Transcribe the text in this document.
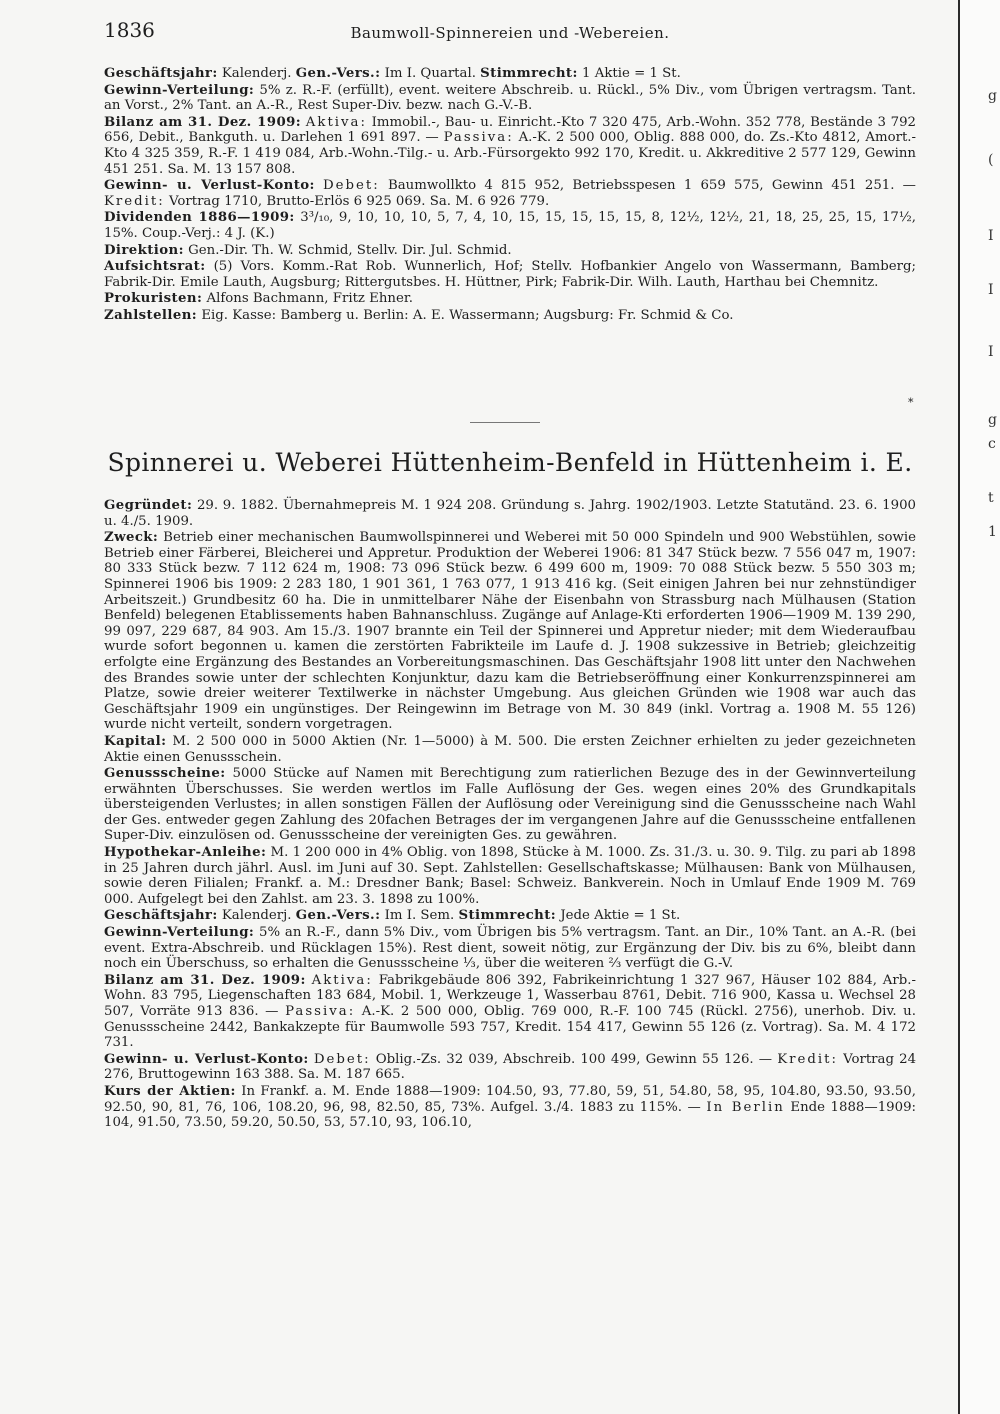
1836	Baumwoll-Spinnereien und -Webereien.

Geschäftsjahr: Kalenderj. Gen.-Vers.: Im I. Quartal. Stimmrecht: 1 Aktie = 1 St.

Gewinn-Verteilung: 5% z. R.-F. (erfüllt), event. weitere Abschreib. u. Rückl., 5% Div., vom Übrigen vertragsm. Tant. an Vorst., 2% Tant. an A.-R., Rest Super-Div. bezw. nach G.-V.-B.

Bilanz am 31. Dez. 1909: Aktiva: Immobil.-, Bau- u. Einricht.-Kto 7 320 475, Arb.-Wohn. 352 778, Bestände 3 792 656, Debit., Bankguth. u. Darlehen 1 691 897. — Passiva: A.-K. 2 500 000, Oblig. 888 000, do. Zs.-Kto 4812, Amort.-Kto 4 325 359, R.-F. 1 419 084, Arb.-Wohn.-Tilg.- u. Arb.-Fürsorgekto 992 170, Kredit. u. Akkreditive 2 577 129, Gewinn 451 251. Sa. M. 13 157 808.

Gewinn- u. Verlust-Konto: Debet: Baumwollkto 4 815 952, Betriebsspesen 1 659 575, Gewinn 451 251. — Kredit: Vortrag 1710, Brutto-Erlös 6 925 069. Sa. M. 6 926 779.

Dividenden 1886—1909: 3³/₁₀, 9, 10, 10, 10, 5, 7, 4, 10, 15, 15, 15, 15, 15, 8, 12½, 12½, 21, 18, 25, 25, 15, 17½, 15%. Coup.-Verj.: 4 J. (K.)

Direktion: Gen.-Dir. Th. W. Schmid, Stellv. Dir. Jul. Schmid.

Aufsichtsrat: (5) Vors. Komm.-Rat Rob. Wunnerlich, Hof; Stellv. Hofbankier Angelo von Wassermann, Bamberg; Fabrik-Dir. Emile Lauth, Augsburg; Rittergutsbes. H. Hüttner, Pirk; Fabrik-Dir. Wilh. Lauth, Harthau bei Chemnitz.

Prokuristen: Alfons Bachmann, Fritz Ehner.

Zahlstellen: Eig. Kasse: Bamberg u. Berlin: A. E. Wassermann; Augsburg: Fr. Schmid & Co.

*
Spinnerei u. Weberei Hüttenheim-Benfeld in Hüttenheim i. E.

Gegründet: 29. 9. 1882. Übernahmepreis M. 1 924 208. Gründung s. Jahrg. 1902/1903. Letzte Statutänd. 23. 6. 1900 u. 4./5. 1909.

Zweck: Betrieb einer mechanischen Baumwollspinnerei und Weberei mit 50 000 Spindeln und 900 Webstühlen, sowie Betrieb einer Färberei, Bleicherei und Appretur. Produktion der Weberei 1906: 81 347 Stück bezw. 7 556 047 m, 1907: 80 333 Stück bezw. 7 112 624 m, 1908: 73 096 Stück bezw. 6 499 600 m, 1909: 70 088 Stück bezw. 5 550 303 m; Spinnerei 1906 bis 1909: 2 283 180, 1 901 361, 1 763 077, 1 913 416 kg. (Seit einigen Jahren bei nur zehnstündiger Arbeitszeit.) Grundbesitz 60 ha. Die in unmittelbarer Nähe der Eisenbahn von Strassburg nach Mülhausen (Station Benfeld) belegenen Etablissements haben Bahnanschluss. Zugänge auf Anlage-Kti erforderten 1906—1909 M. 139 290, 99 097, 229 687, 84 903. Am 15./3. 1907 brannte ein Teil der Spinnerei und Appretur nieder; mit dem Wiederaufbau wurde sofort begonnen u. kamen die zerstörten Fabrikteile im Laufe d. J. 1908 sukzessive in Betrieb; gleichzeitig erfolgte eine Ergänzung des Bestandes an Vorbereitungsmaschinen. Das Geschäftsjahr 1908 litt unter den Nachwehen des Brandes sowie unter der schlechten Konjunktur, dazu kam die Betriebseröffnung einer Konkurrenzspinnerei am Platze, sowie dreier weiterer Textilwerke in nächster Umgebung. Aus gleichen Gründen wie 1908 war auch das Geschäftsjahr 1909 ein ungünstiges. Der Reingewinn im Betrage von M. 30 849 (inkl. Vortrag a. 1908 M. 55 126) wurde nicht verteilt, sondern vorgetragen.

Kapital: M. 2 500 000 in 5000 Aktien (Nr. 1—5000) à M. 500. Die ersten Zeichner erhielten zu jeder gezeichneten Aktie einen Genussschein.

Genussscheine: 5000 Stücke auf Namen mit Berechtigung zum ratierlichen Bezuge des in der Gewinnverteilung erwähnten Überschusses. Sie werden wertlos im Falle Auflösung der Ges. wegen eines 20% des Grundkapitals übersteigenden Verlustes; in allen sonstigen Fällen der Auflösung oder Vereinigung sind die Genussscheine nach Wahl der Ges. entweder gegen Zahlung des 20fachen Betrages der im vergangenen Jahre auf die Genussscheine entfallenen Super-Div. einzulösen od. Genussscheine der vereinigten Ges. zu gewähren.

Hypothekar-Anleihe: M. 1 200 000 in 4% Oblig. von 1898, Stücke à M. 1000. Zs. 31./3. u. 30. 9. Tilg. zu pari ab 1898 in 25 Jahren durch jährl. Ausl. im Juni auf 30. Sept. Zahlstellen: Gesellschaftskasse; Mülhausen: Bank von Mülhausen, sowie deren Filialen; Frankf. a. M.: Dresdner Bank; Basel: Schweiz. Bankverein. Noch in Umlauf Ende 1909 M. 769 000. Aufgelegt bei den Zahlst. am 23. 3. 1898 zu 100%.

Geschäftsjahr: Kalenderj. Gen.-Vers.: Im I. Sem. Stimmrecht: Jede Aktie = 1 St.

Gewinn-Verteilung: 5% an R.-F., dann 5% Div., vom Übrigen bis 5% vertragsm. Tant. an Dir., 10% Tant. an A.-R. (bei event. Extra-Abschreib. und Rücklagen 15%). Rest dient, soweit nötig, zur Ergänzung der Div. bis zu 6%, bleibt dann noch ein Überschuss, so erhalten die Genussscheine ⅓, über die weiteren ⅔ verfügt die G.-V.

Bilanz am 31. Dez. 1909: Aktiva: Fabrikgebäude 806 392, Fabrikeinrichtung 1 327 967, Häuser 102 884, Arb.-Wohn. 83 795, Liegenschaften 183 684, Mobil. 1, Werkzeuge 1, Wasserbau 8761, Debit. 716 900, Kassa u. Wechsel 28 507, Vorräte 913 836. — Passiva: A.-K. 2 500 000, Oblig. 769 000, R.-F. 100 745 (Rückl. 2756), unerhob. Div. u. Genussscheine 2442, Bankakzepte für Baumwolle 593 757, Kredit. 154 417, Gewinn 55 126 (z. Vortrag). Sa. M. 4 172 731.

Gewinn- u. Verlust-Konto: Debet: Oblig.-Zs. 32 039, Abschreib. 100 499, Gewinn 55 126. — Kredit: Vortrag 24 276, Bruttogewinn 163 388. Sa. M. 187 665.

Kurs der Aktien: In Frankf. a. M. Ende 1888—1909: 104.50, 93, 77.80, 59, 51, 54.80, 58, 95, 104.80, 93.50, 93.50, 92.50, 90, 81, 76, 106, 108.20, 96, 98, 82.50, 85, 73%. Aufgel. 3./4. 1883 zu 115%. — In Berlin Ende 1888—1909: 104, 91.50, 73.50, 59.20, 50.50, 53, 57.10, 93, 106.10,

g
(
I
I
I
g
c
t
1
